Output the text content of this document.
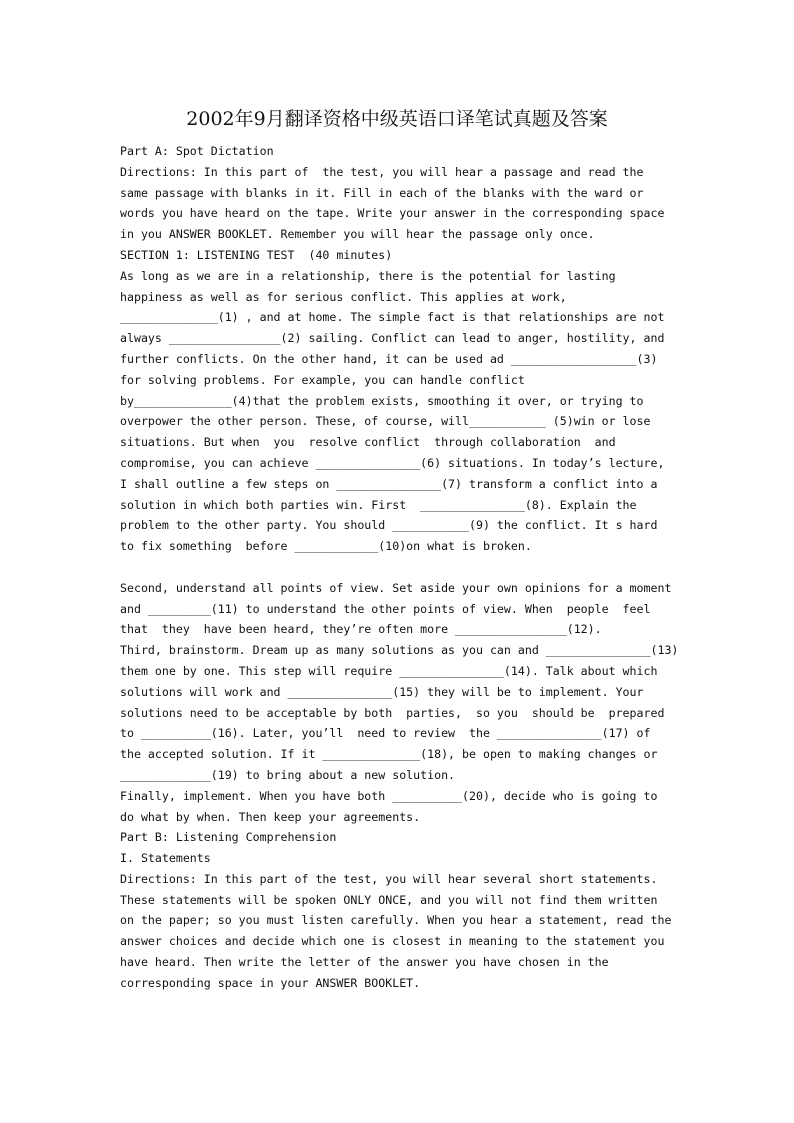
2002年9月翻译资格中级英语口译笔试真题及答案
Part A: Spot Dictation
Directions: In this part of  the test, you will hear a passage and read the
same passage with blanks in it. Fill in each of the blanks with the ward or
words you have heard on the tape. Write your answer in the corresponding space
in you ANSWER BOOKLET. Remember you will hear the passage only once.
SECTION 1: LISTENING TEST  (40 minutes)
As long as we are in a relationship, there is the potential for lasting
happiness as well as for serious conflict. This applies at work,
______________(1) , and at home. The simple fact is that relationships are not
always ________________(2) sailing. Conflict can lead to anger, hostility, and
further conflicts. On the other hand, it can be used ad __________________(3)
for solving problems. For example, you can handle conflict
by______________(4)that the problem exists, smoothing it over, or trying to
overpower the other person. These, of course, will___________ (5)win or lose
situations. But when  you  resolve conflict  through collaboration  and
compromise, you can achieve _______________(6) situations. In today’s lecture,
I shall outline a few steps on _______________(7) transform a conflict into a
solution in which both parties win. First  _______________(8). Explain the
problem to the other party. You should ___________(9) the conflict. It s hard
to fix something  before ____________(10)on what is broken.
Second, understand all points of view. Set aside your own opinions for a moment
and _________(11) to understand the other points of view. When  people  feel
that  they  have been heard, they’re often more ________________(12).
Third, brainstorm. Dream up as many solutions as you can and _______________(13)
them one by one. This step will require _______________(14). Talk about which
solutions will work and _______________(15) they will be to implement. Your
solutions need to be acceptable by both  parties,  so you  should be  prepared
to __________(16). Later, you’ll  need to review  the _______________(17) of
the accepted solution. If it ______________(18), be open to making changes or
_____________(19) to bring about a new solution.
Finally, implement. When you have both __________(20), decide who is going to
do what by when. Then keep your agreements.
Part B: Listening Comprehension
I. Statements
Directions: In this part of the test, you will hear several short statements.
These statements will be spoken ONLY ONCE, and you will not find them written
on the paper; so you must listen carefully. When you hear a statement, read the
answer choices and decide which one is closest in meaning to the statement you
have heard. Then write the letter of the answer you have chosen in the
corresponding space in your ANSWER BOOKLET.
